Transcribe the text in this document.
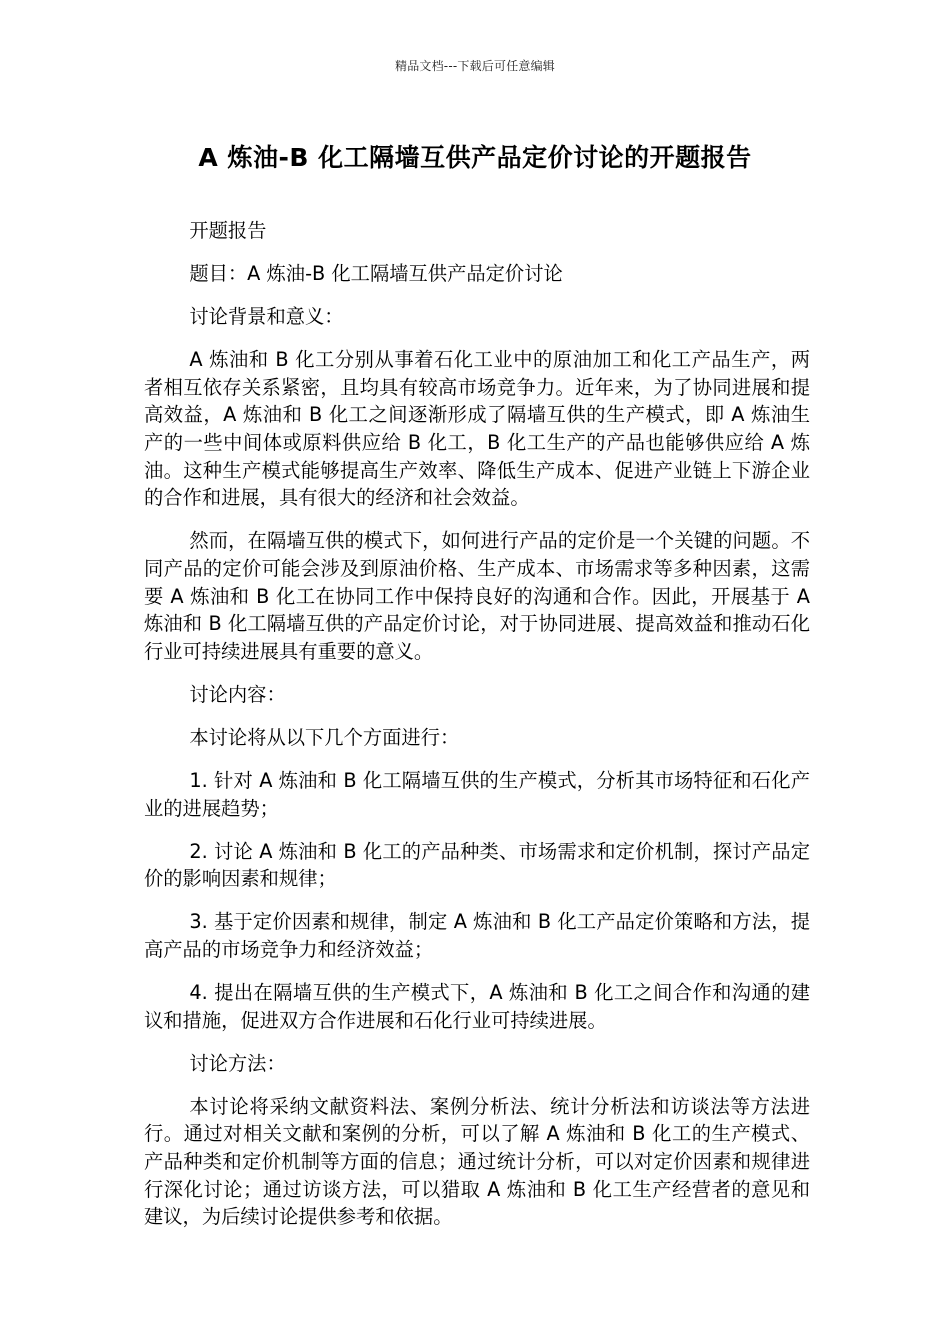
精品文档---下载后可任意编辑
A 炼油-B 化工隔墙互供产品定价讨论的开题报告

开题报告

题目：A 炼油-B 化工隔墙互供产品定价讨论

讨论背景和意义：

A 炼油和 B 化工分别从事着石化工业中的原油加工和化工产品生产，两者相互依存关系紧密，且均具有较高市场竞争力。近年来，为了协同进展和提高效益，A 炼油和 B 化工之间逐渐形成了隔墙互供的生产模式，即 A 炼油生产的一些中间体或原料供应给 B 化工，B 化工生产的产品也能够供应给 A 炼油。这种生产模式能够提高生产效率、降低生产成本、促进产业链上下游企业的合作和进展，具有很大的经济和社会效益。

然而，在隔墙互供的模式下，如何进行产品的定价是一个关键的问题。不同产品的定价可能会涉及到原油价格、生产成本、市场需求等多种因素，这需要 A 炼油和 B 化工在协同工作中保持良好的沟通和合作。因此，开展基于 A 炼油和 B 化工隔墙互供的产品定价讨论，对于协同进展、提高效益和推动石化行业可持续进展具有重要的意义。

讨论内容：

本讨论将从以下几个方面进行：

1. 针对 A 炼油和 B 化工隔墙互供的生产模式，分析其市场特征和石化产业的进展趋势；

2. 讨论 A 炼油和 B 化工的产品种类、市场需求和定价机制，探讨产品定价的影响因素和规律；

3. 基于定价因素和规律，制定 A 炼油和 B 化工产品定价策略和方法，提高产品的市场竞争力和经济效益；

4. 提出在隔墙互供的生产模式下，A 炼油和 B 化工之间合作和沟通的建议和措施，促进双方合作进展和石化行业可持续进展。

讨论方法：

本讨论将采纳文献资料法、案例分析法、统计分析法和访谈法等方法进行。通过对相关文献和案例的分析，可以了解 A 炼油和 B 化工的生产模式、产品种类和定价机制等方面的信息；通过统计分析，可以对定价因素和规律进行深化讨论；通过访谈方法，可以猎取 A 炼油和 B 化工生产经营者的意见和建议，为后续讨论提供参考和依据。
